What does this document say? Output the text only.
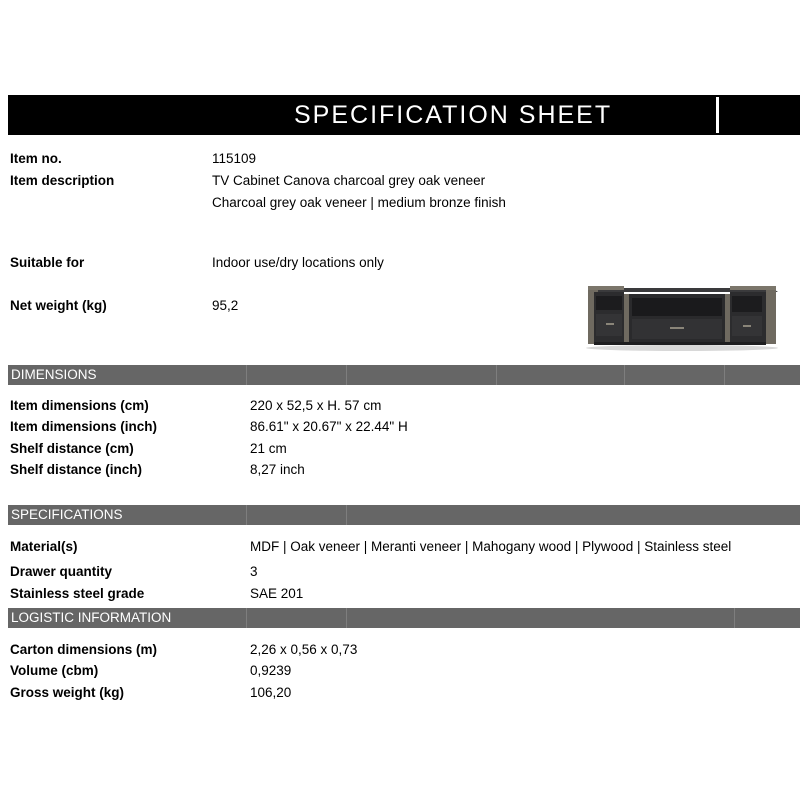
SPECIFICATION SHEET
Item no.	115109
Item description	TV Cabinet Canova charcoal grey oak veneer
Charcoal grey oak veneer | medium bronze finish
Suitable for	Indoor use/dry locations only
Net weight (kg)	95,2
DIMENSIONS
Item dimensions (cm)	220 x 52,5 x H. 57 cm
Item dimensions (inch)	86.61" x 20.67" x 22.44" H
Shelf distance (cm)	21 cm
Shelf distance (inch)	8,27 inch
SPECIFICATIONS
Material(s)	MDF | Oak veneer | Meranti veneer | Mahogany wood | Plywood | Stainless steel
Drawer quantity	3
Stainless steel grade	SAE 201
LOGISTIC INFORMATION
Carton dimensions (m)	2,26 x 0,56 x 0,73
Volume (cbm)	0,9239
Gross weight (kg)	106,20
